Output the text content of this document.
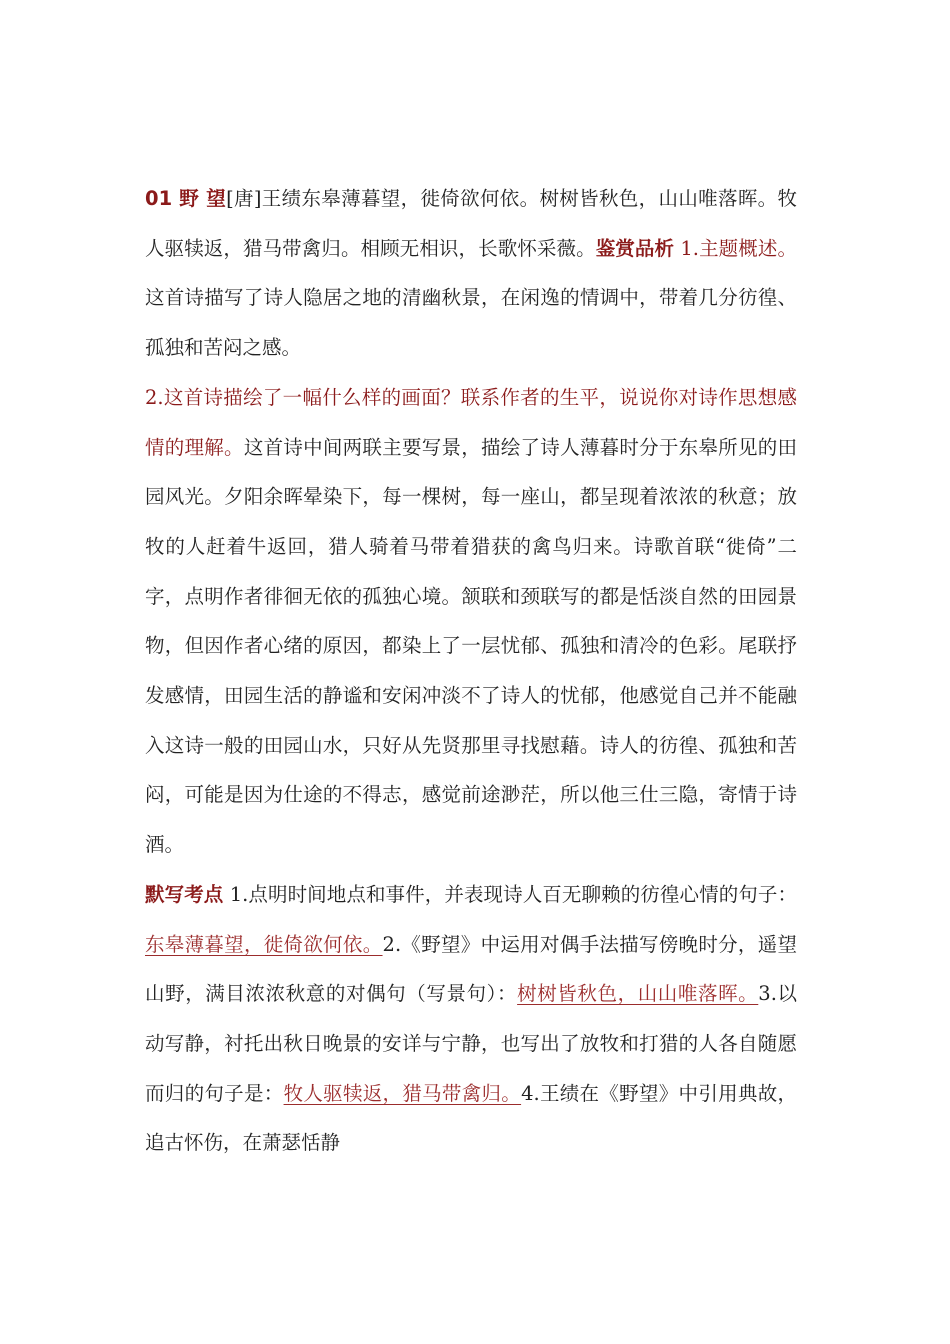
01 野 望[唐]王绩东皋薄暮望，徙倚欲何依。树树皆秋色，山山唯落晖。牧人驱犊返，猎马带禽归。相顾无相识，长歌怀采薇。鉴赏品析 1.主题概述。这首诗描写了诗人隐居之地的清幽秋景，在闲逸的情调中，带着几分彷徨、孤独和苦闷之感。

2.这首诗描绘了一幅什么样的画面？联系作者的生平，说说你对诗作思想感情的理解。这首诗中间两联主要写景，描绘了诗人薄暮时分于东皋所见的田园风光。夕阳余晖晕染下，每一棵树，每一座山，都呈现着浓浓的秋意；放牧的人赶着牛返回，猎人骑着马带着猎获的禽鸟归来。诗歌首联“徙倚”二字，点明作者徘徊无依的孤独心境。颔联和颈联写的都是恬淡自然的田园景物，但因作者心绪的原因，都染上了一层忧郁、孤独和清冷的色彩。尾联抒发感情，田园生活的静谧和安闲冲淡不了诗人的忧郁，他感觉自己并不能融入这诗一般的田园山水，只好从先贤那里寻找慰藉。诗人的彷徨、孤独和苦闷，可能是因为仕途的不得志，感觉前途渺茫，所以他三仕三隐，寄情于诗酒。

默写考点 1.点明时间地点和事件，并表现诗人百无聊赖的彷徨心情的句子：东皋薄暮望，徙倚欲何依。2.《野望》中运用对偶手法描写傍晚时分，遥望山野，满目浓浓秋意的对偶句（写景句）：树树皆秋色，山山唯落晖。3.以动写静，衬托出秋日晚景的安详与宁静，也写出了放牧和打猎的人各自随愿而归的句子是：牧人驱犊返，猎马带禽归。4.王绩在《野望》中引用典故，追古怀伤，在萧瑟恬静
